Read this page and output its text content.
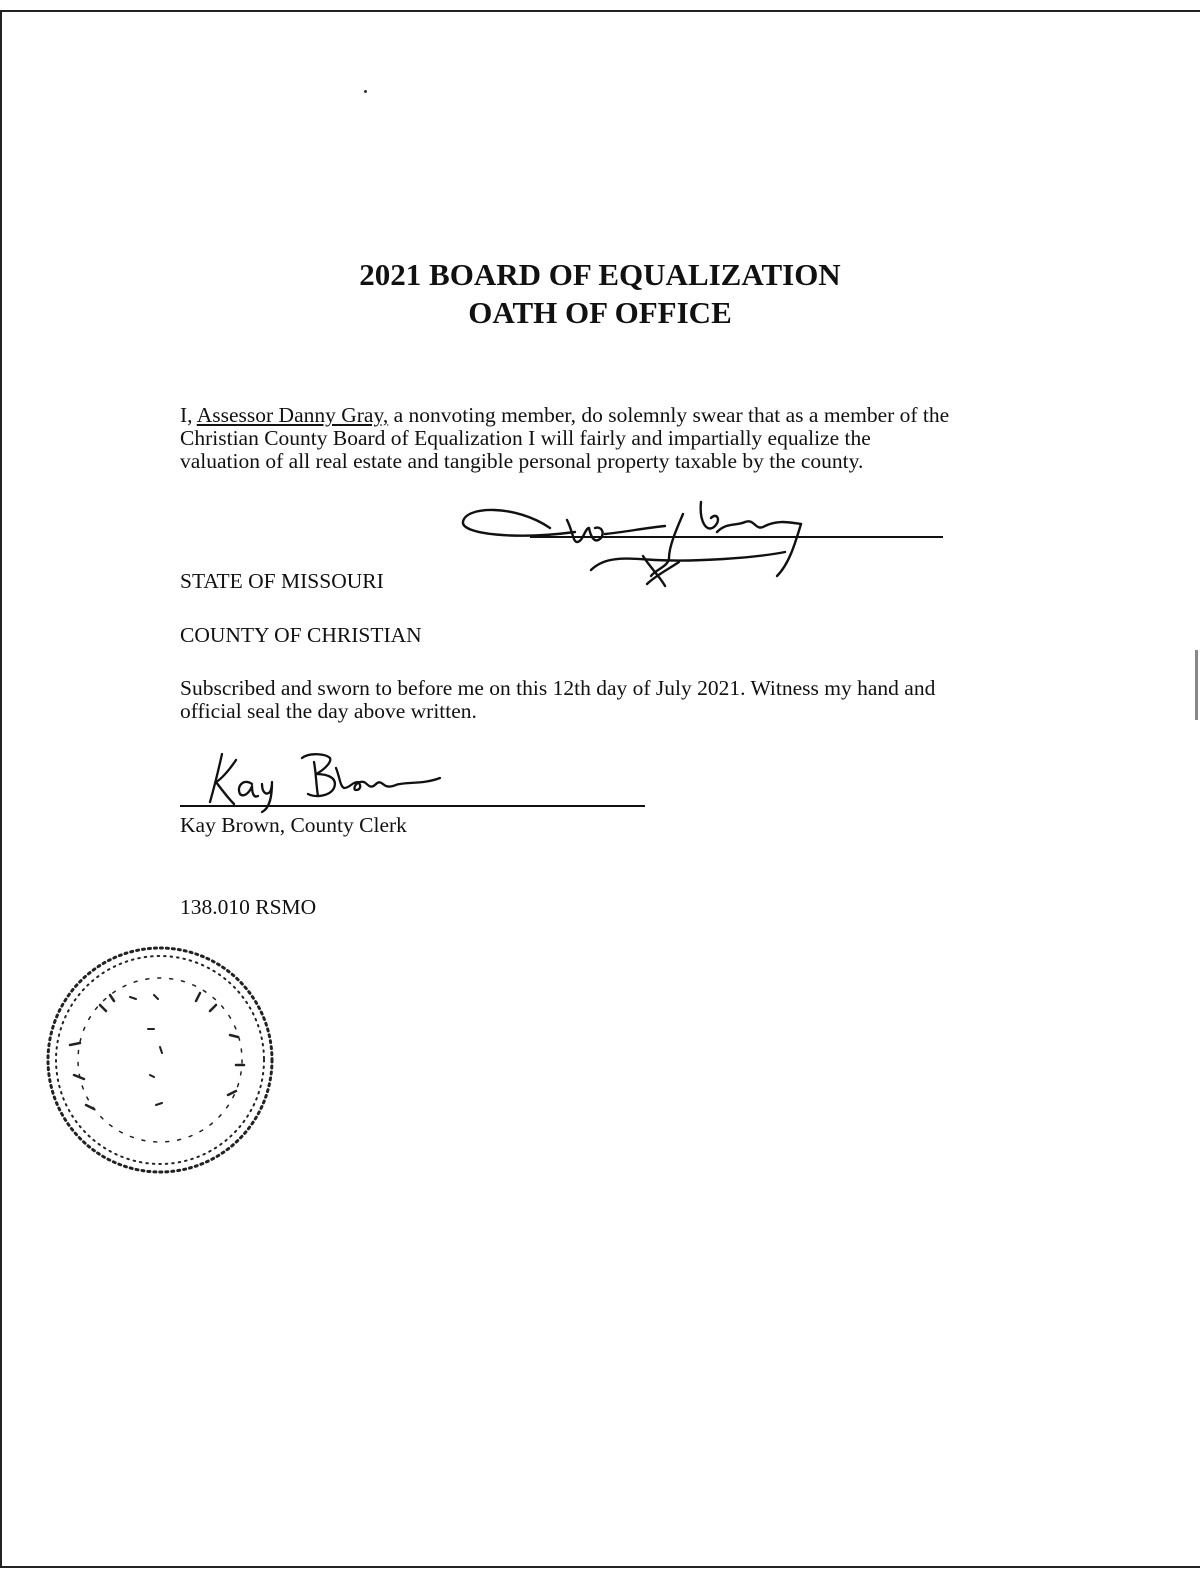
2021 BOARD OF EQUALIZATION
OATH OF OFFICE
I, Assessor Danny Gray, a nonvoting member, do solemnly swear that as a member of the
Christian County Board of Equalization I will fairly and impartially equalize the
valuation of all real estate and tangible personal property taxable by the county.
STATE OF MISSOURI
COUNTY OF CHRISTIAN
Subscribed and sworn to before me on this 12th day of July 2021. Witness my hand and
official seal the day above written.
Kay Brown, County Clerk
138.010 RSMO
